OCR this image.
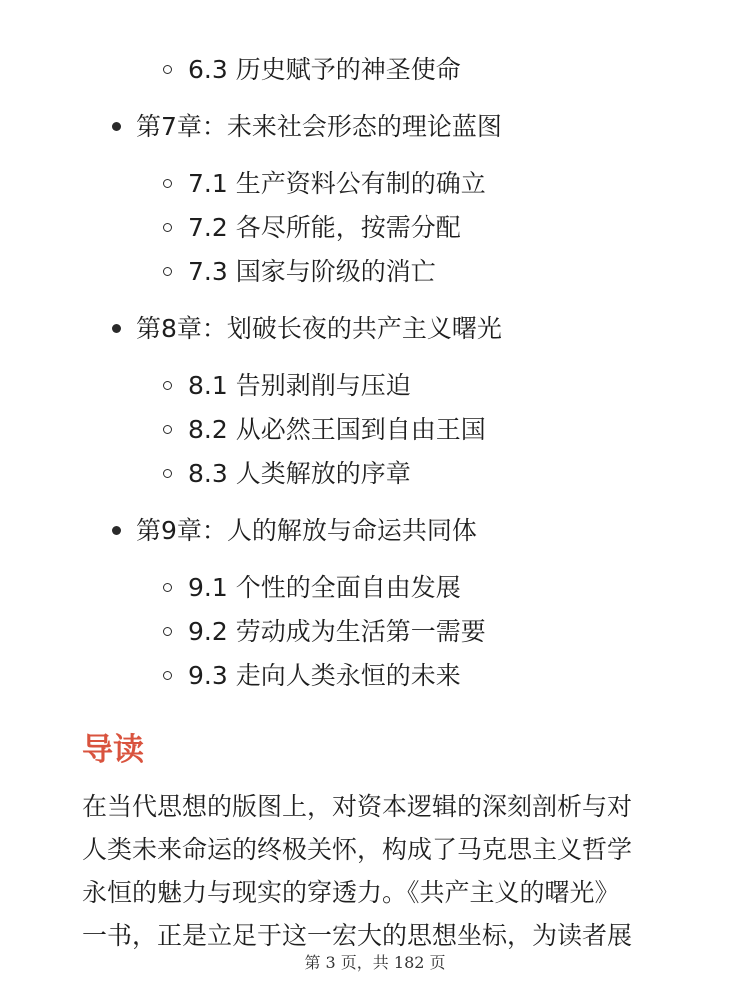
6.3 历史赋予的神圣使命
第7章：未来社会形态的理论蓝图
7.1 生产资料公有制的确立
7.2 各尽所能，按需分配
7.3 国家与阶级的消亡
第8章：划破长夜的共产主义曙光
8.1 告别剥削与压迫
8.2 从必然王国到自由王国
8.3 人类解放的序章
第9章：人的解放与命运共同体
9.1 个性的全面自由发展
9.2 劳动成为生活第一需要
9.3 走向人类永恒的未来
导读
在当代思想的版图上，对资本逻辑的深刻剖析与对
人类未来命运的终极关怀，构成了马克思主义哲学
永恒的魅力与现实的穿透力。《共产主义的曙光》
一书，正是立足于这一宏大的思想坐标，为读者展
第 3 页，共 182 页
